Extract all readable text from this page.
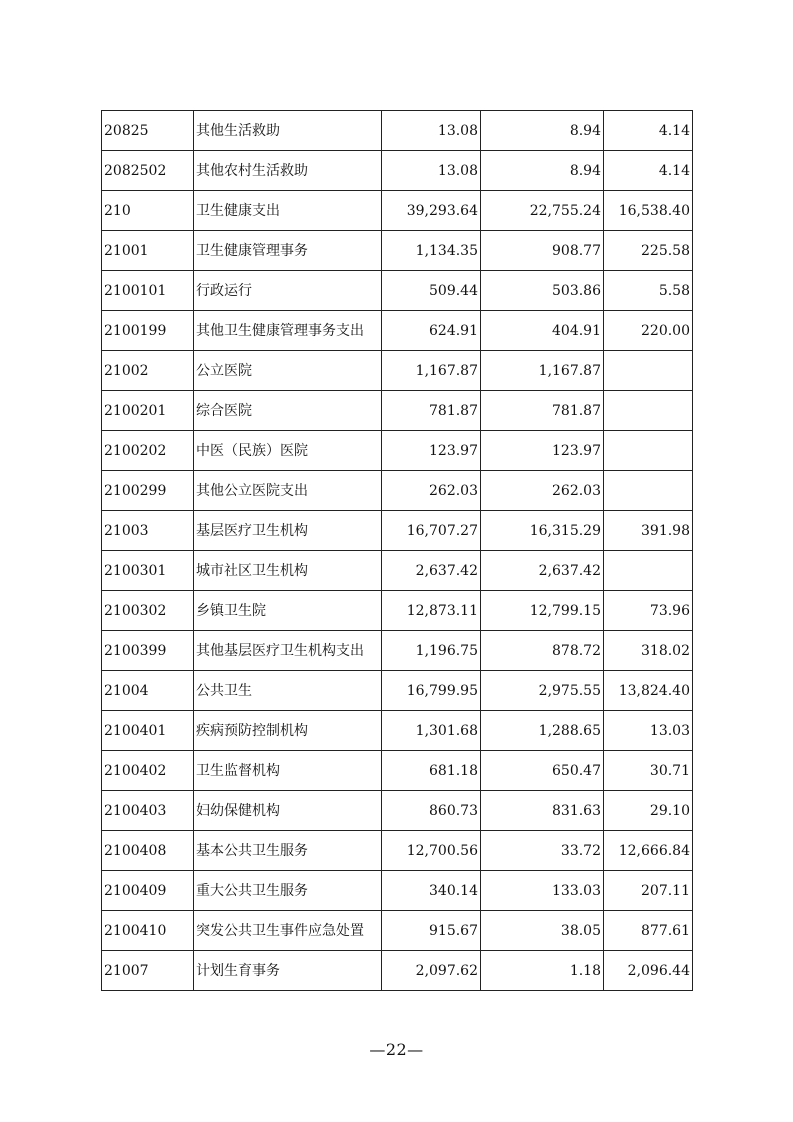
20825	其他生活救助	13.08	8.94	4.14
2082502	其他农村生活救助	13.08	8.94	4.14
210	卫生健康支出	39,293.64	22,755.24	16,538.40
21001	卫生健康管理事务	1,134.35	908.77	225.58
2100101	行政运行	509.44	503.86	5.58
2100199	其他卫生健康管理事务支出	624.91	404.91	220.00
21002	公立医院	1,167.87	1,167.87	
2100201	综合医院	781.87	781.87	
2100202	中医（民族）医院	123.97	123.97	
2100299	其他公立医院支出	262.03	262.03	
21003	基层医疗卫生机构	16,707.27	16,315.29	391.98
2100301	城市社区卫生机构	2,637.42	2,637.42	
2100302	乡镇卫生院	12,873.11	12,799.15	73.96
2100399	其他基层医疗卫生机构支出	1,196.75	878.72	318.02
21004	公共卫生	16,799.95	2,975.55	13,824.40
2100401	疾病预防控制机构	1,301.68	1,288.65	13.03
2100402	卫生监督机构	681.18	650.47	30.71
2100403	妇幼保健机构	860.73	831.63	29.10
2100408	基本公共卫生服务	12,700.56	33.72	12,666.84
2100409	重大公共卫生服务	340.14	133.03	207.11
2100410	突发公共卫生事件应急处置	915.67	38.05	877.61
21007	计划生育事务	2,097.62	1.18	2,096.44
—22—
